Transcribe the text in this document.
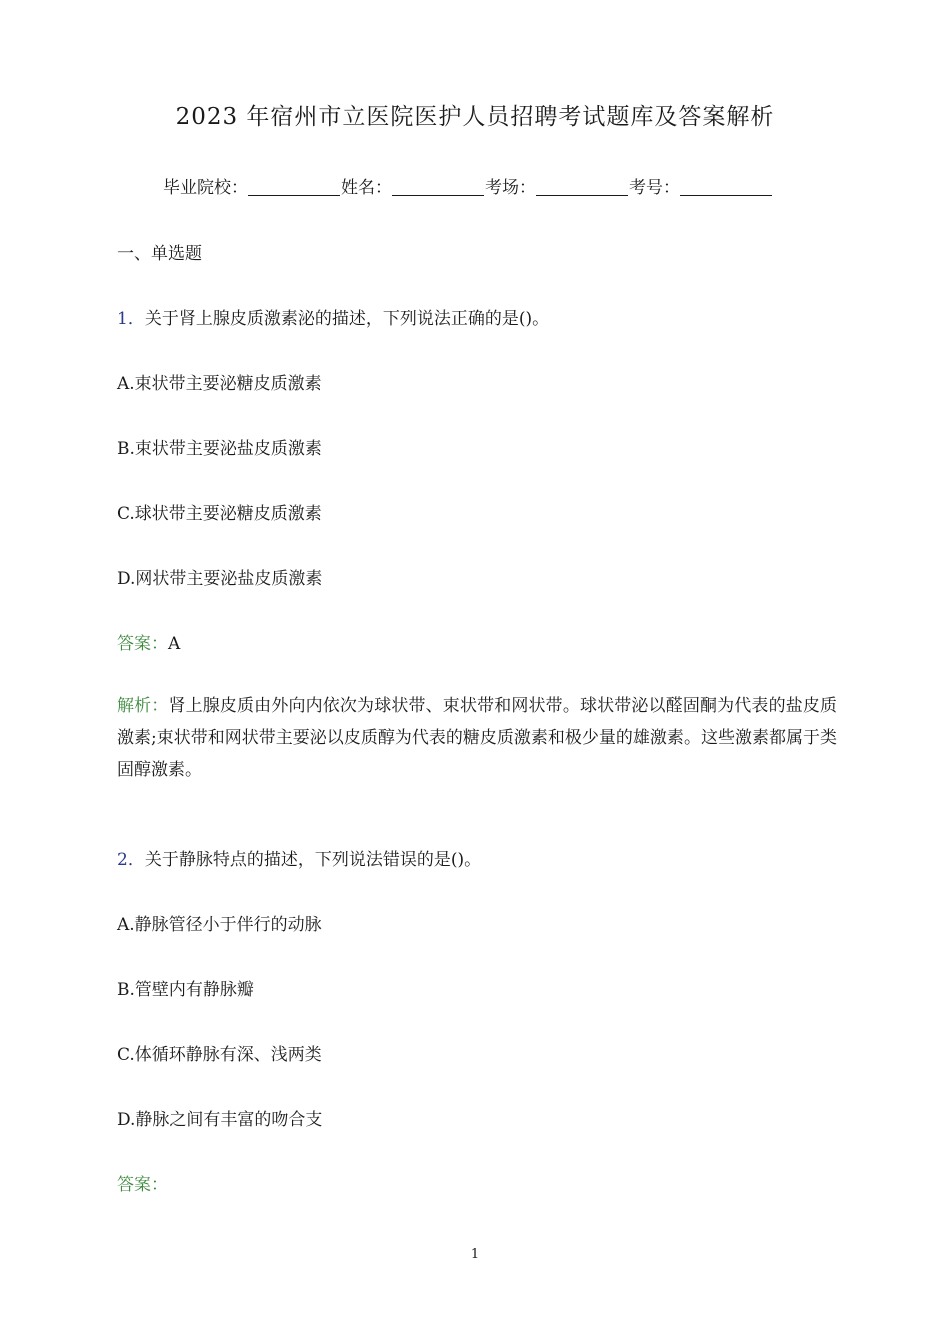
2023 年宿州市立医院医护人员招聘考试题库及答案解析
毕业院校：	姓名：	考场：	考号：
一、单选题
1．关于肾上腺皮质激素泌的描述，下列说法正确的是()。
A.束状带主要泌糖皮质激素
B.束状带主要泌盐皮质激素
C.球状带主要泌糖皮质激素
D.网状带主要泌盐皮质激素
答案：A
解析：肾上腺皮质由外向内依次为球状带、束状带和网状带。球状带泌以醛固酮为代表的盐皮质激素;束状带和网状带主要泌以皮质醇为代表的糖皮质激素和极少量的雄激素。这些激素都属于类固醇激素。
2．关于静脉特点的描述，下列说法错误的是()。
A.静脉管径小于伴行的动脉
B.管壁内有静脉瓣
C.体循环静脉有深、浅两类
D.静脉之间有丰富的吻合支
答案：
1
